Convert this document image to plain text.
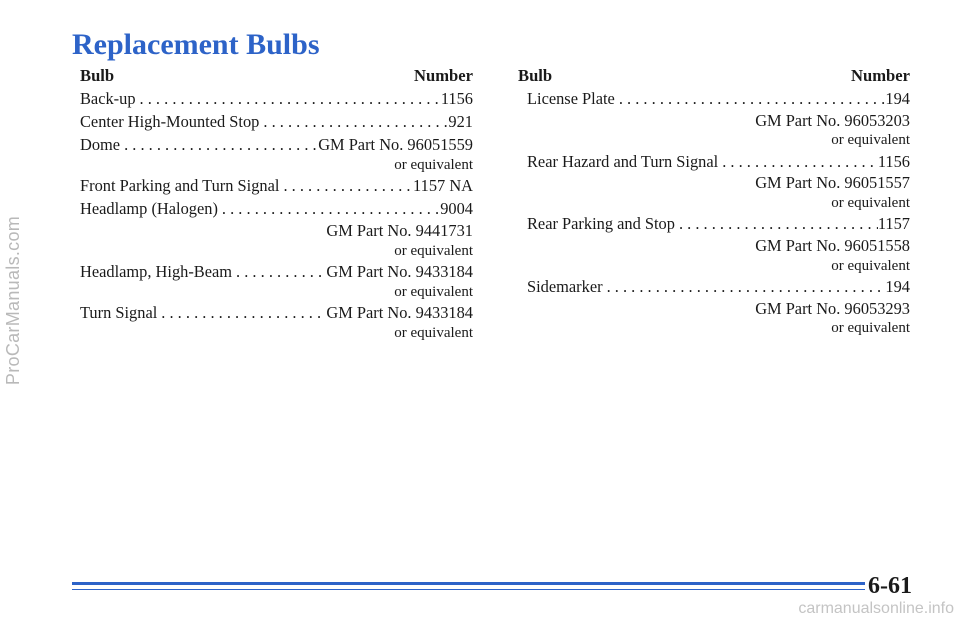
ProCarManuals.com
Replacement Bulbs
Bulb	Number
Back-up . . .	1156
Center High-Mounted Stop . . .	921
Dome . . .	GM Part No. 96051559
or equivalent
Front Parking and Turn Signal . . .	1157 NA
Headlamp (Halogen) . . .	9004
GM Part No. 9441731
or equivalent
Headlamp, High-Beam . . .	GM Part No. 9433184
or equivalent
Turn Signal . . .	GM Part No. 9433184
or equivalent
Bulb	Number
License Plate . . .	194
GM Part No. 96053203
or equivalent
Rear Hazard and Turn Signal . . .	1156
GM Part No. 96051557
or equivalent
Rear Parking and Stop . . .	1157
GM Part No. 96051558
or equivalent
Sidemarker . . .	194
GM Part No. 96053293
or equivalent
6-61
carmanualsonline.info
